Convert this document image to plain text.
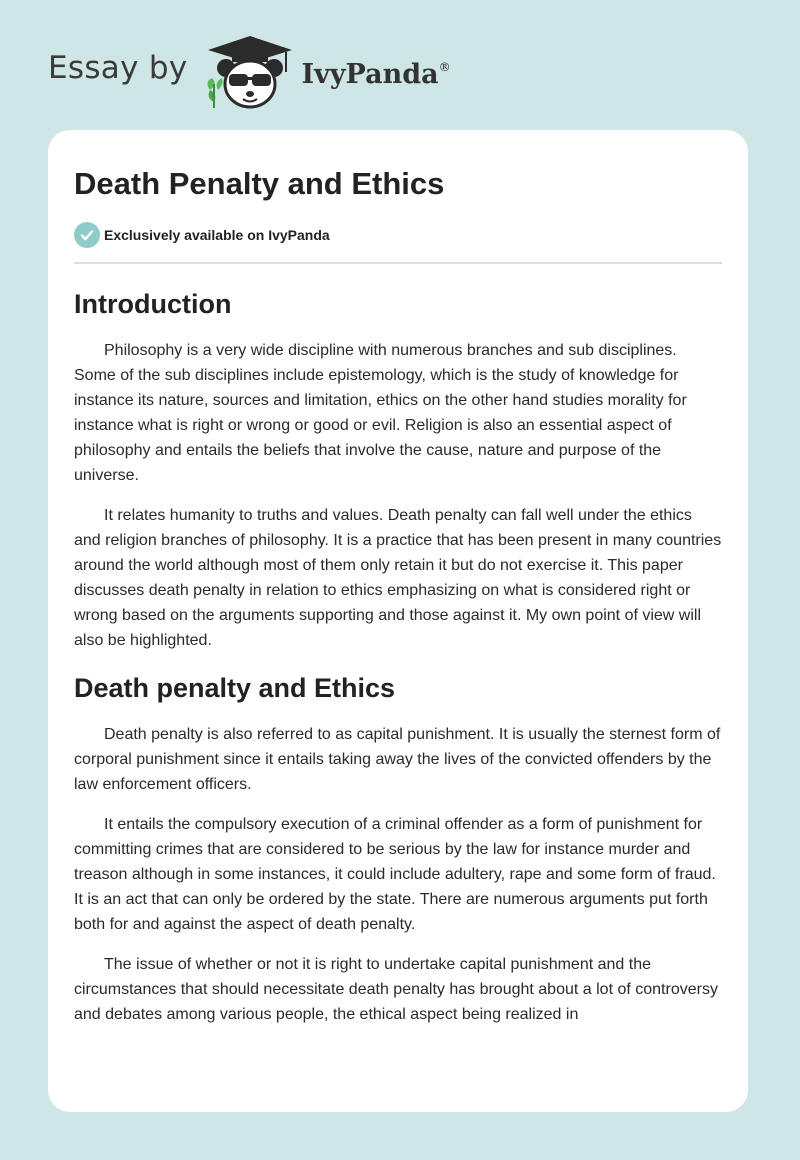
Essay by	IvyPanda®
Death Penalty and Ethics
Exclusively available on IvyPanda
Introduction

Philosophy is a very wide discipline with numerous branches and sub disciplines. Some of the sub disciplines include epistemology, which is the study of knowledge for instance its nature, sources and limitation, ethics on the other hand studies morality for instance what is right or wrong or good or evil. Religion is also an essential aspect of philosophy and entails the beliefs that involve the cause, nature and purpose of the universe.

It relates humanity to truths and values. Death penalty can fall well under the ethics and religion branches of philosophy. It is a practice that has been present in many countries around the world although most of them only retain it but do not exercise it. This paper discusses death penalty in relation to ethics emphasizing on what is considered right or wrong based on the arguments supporting and those against it. My own point of view will also be highlighted.

Death penalty and Ethics

Death penalty is also referred to as capital punishment. It is usually the sternest form of corporal punishment since it entails taking away the lives of the convicted offenders by the law enforcement officers.

It entails the compulsory execution of a criminal offender as a form of punishment for committing crimes that are considered to be serious by the law for instance murder and treason although in some instances, it could include adultery, rape and some form of fraud. It is an act that can only be ordered by the state. There are numerous arguments put forth both for and against the aspect of death penalty.

The issue of whether or not it is right to undertake capital punishment and the circumstances that should necessitate death penalty has brought about a lot of controversy and debates among various people, the ethical aspect being realized in
